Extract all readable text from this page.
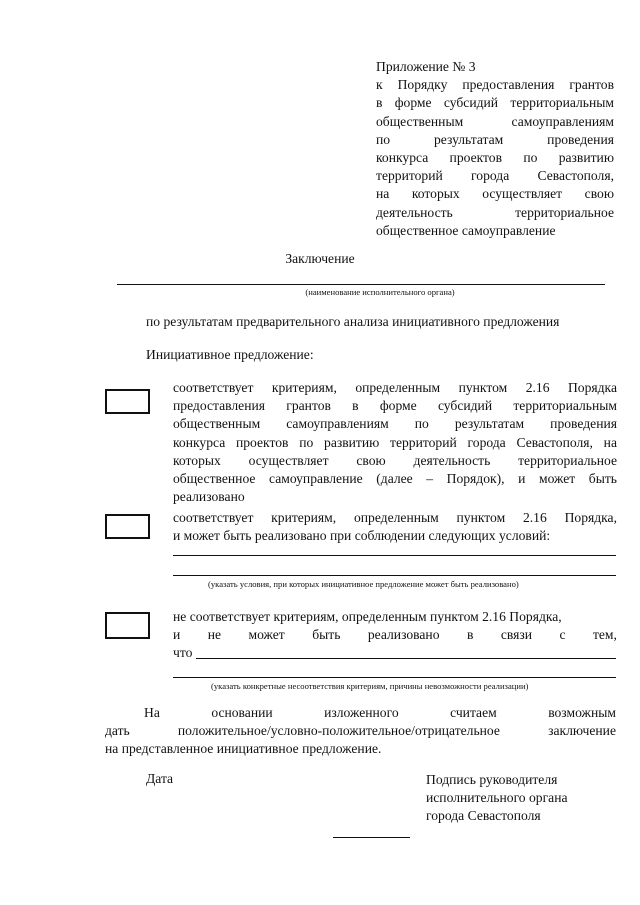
Приложение № 3
к Порядку предоставления грантов
в форме субсидий территориальным
общественным самоуправлениям
по результатам проведения
конкурса проектов по развитию
территорий города Севастополя,
на которых осуществляет свою
деятельность территориальное
общественное самоуправление
Заключение
(наименование исполнительного органа)
по результатам предварительного анализа инициативного предложения
Инициативное предложение:
соответствует критериям, определенным пунктом 2.16 Порядка
предоставления грантов в форме субсидий территориальным
общественным самоуправлениям по результатам проведения
конкурса проектов по развитию территорий города Севастополя, на
которых осуществляет свою деятельность территориальное
общественное самоуправление (далее – Порядок), и может быть
реализовано
соответствует критериям, определенным пунктом 2.16 Порядка,
и может быть реализовано при соблюдении следующих условий:
(указать условия, при которых инициативное предложение может быть реализовано)
не соответствует критериям, определенным пунктом 2.16 Порядка,
и не может быть реализовано в связи с тем,
что
(указать конкретные несоответствия критериям, причины невозможности реализации)
На	основании	изложенного	считаем	возможным
дать положительное/условно-положительное/отрицательное заключение
на представленное инициативное предложение.
Дата	Подпись руководителя
исполнительного органа
города Севастополя
